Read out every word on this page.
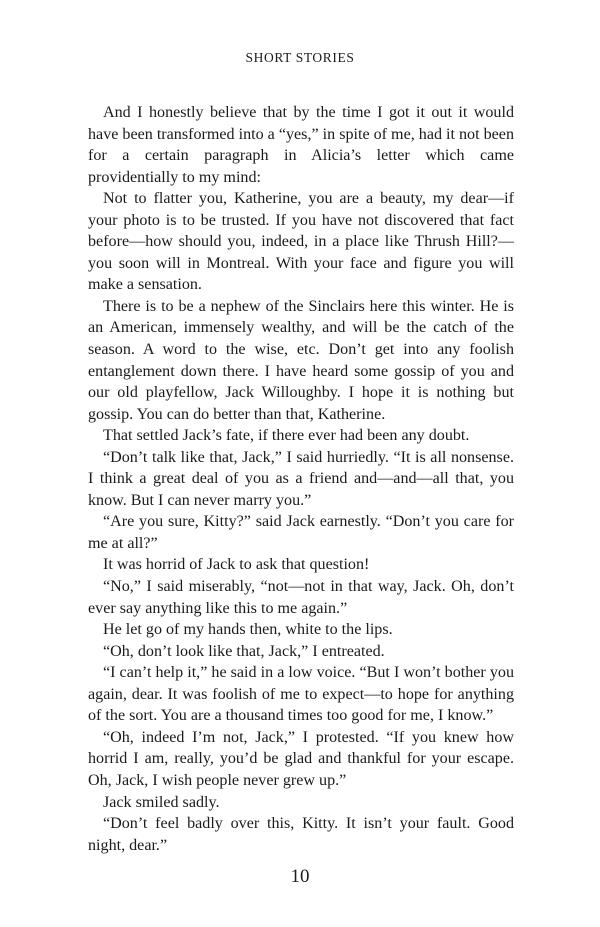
SHORT STORIES

And I honestly believe that by the time I got it out it would have been transformed into a “yes,” in spite of me, had it not been for a certain paragraph in Alicia’s letter which came providentially to my mind:

Not to flatter you, Katherine, you are a beauty, my dear—if your photo is to be trusted. If you have not discovered that fact before—how should you, indeed, in a place like Thrush Hill?—you soon will in Montreal. With your face and figure you will make a sensation.

There is to be a nephew of the Sinclairs here this winter. He is an American, immensely wealthy, and will be the catch of the season. A word to the wise, etc. Don’t get into any foolish entanglement down there. I have heard some gossip of you and our old playfellow, Jack Willoughby. I hope it is nothing but gossip. You can do better than that, Katherine.

That settled Jack’s fate, if there ever had been any doubt.

“Don’t talk like that, Jack,” I said hurriedly. “It is all nonsense. I think a great deal of you as a friend and—and—all that, you know. But I can never marry you.”

“Are you sure, Kitty?” said Jack earnestly. “Don’t you care for me at all?”

It was horrid of Jack to ask that question!

“No,” I said miserably, “not—not in that way, Jack. Oh, don’t ever say anything like this to me again.”

He let go of my hands then, white to the lips.

“Oh, don’t look like that, Jack,” I entreated.

“I can’t help it,” he said in a low voice. “But I won’t bother you again, dear. It was foolish of me to expect—to hope for anything of the sort. You are a thousand times too good for me, I know.”

“Oh, indeed I’m not, Jack,” I protested. “If you knew how horrid I am, really, you’d be glad and thankful for your escape. Oh, Jack, I wish people never grew up.”

Jack smiled sadly.

“Don’t feel badly over this, Kitty. It isn’t your fault. Good night, dear.”

10
